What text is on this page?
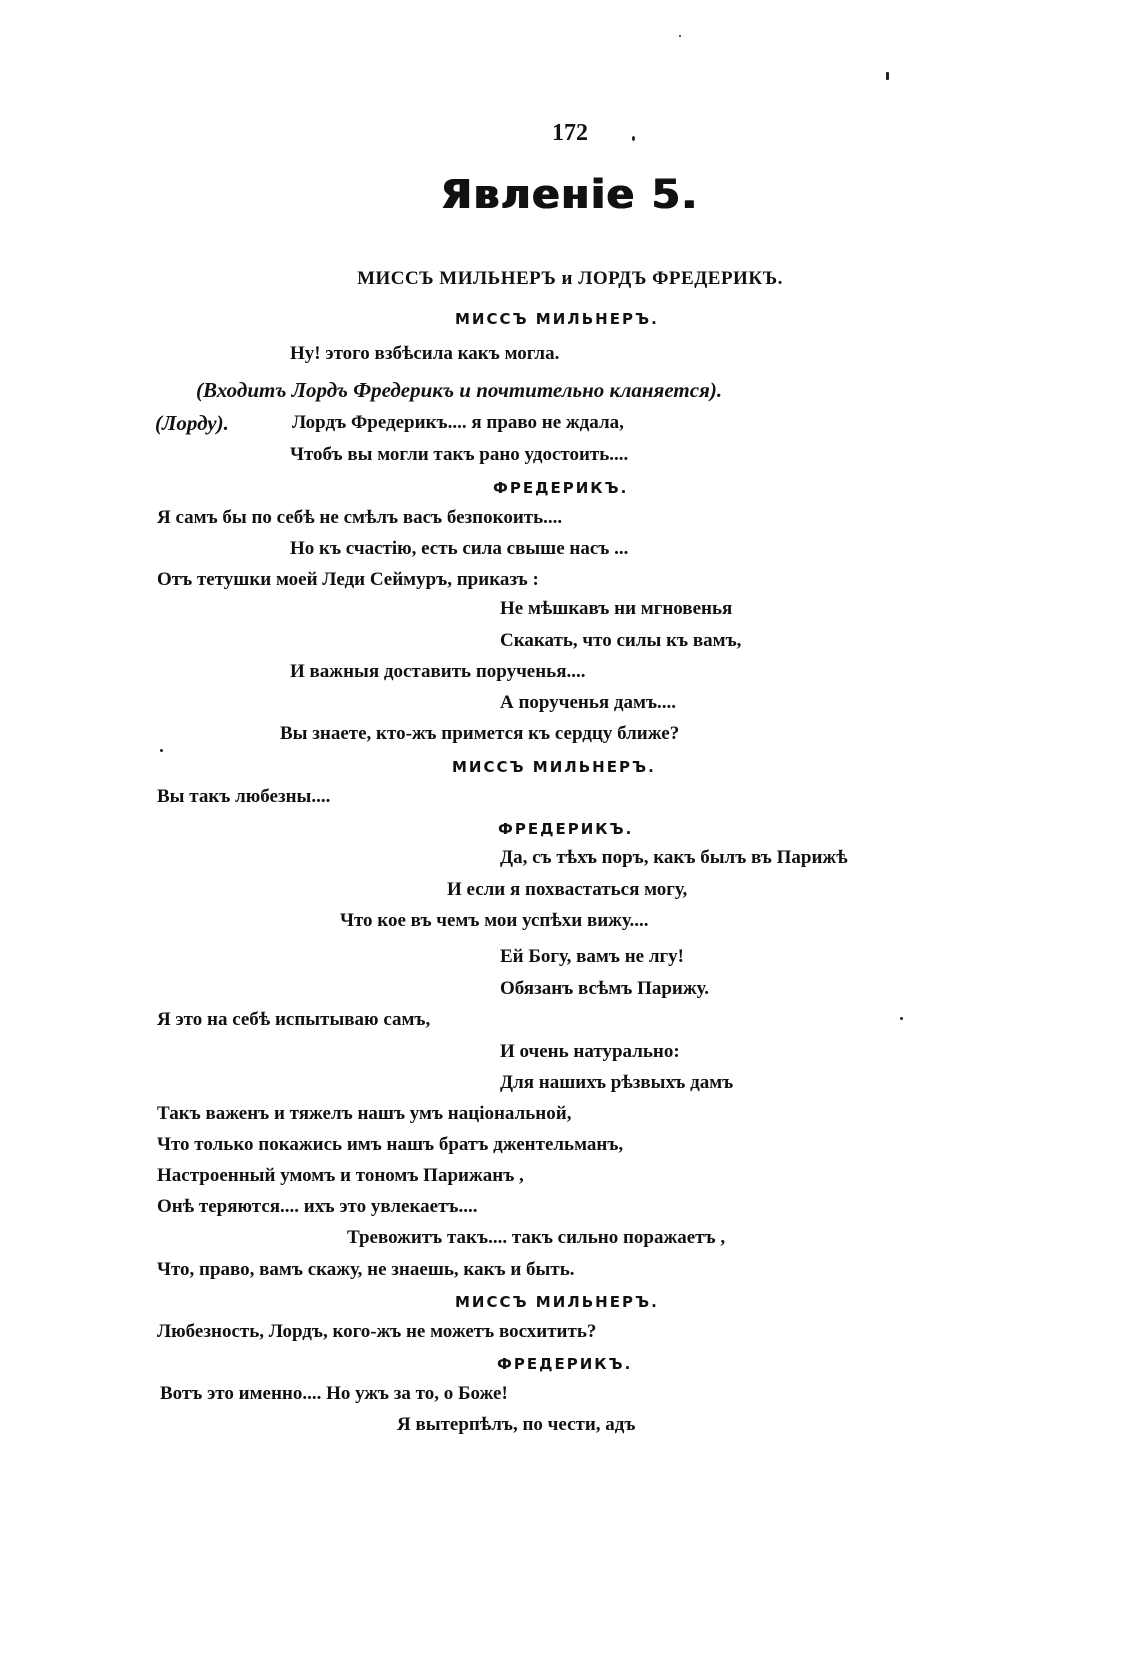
172
Явленіе 5.
МИССЪ МИЛЬНЕРЪ и ЛОРДЪ ФРЕДЕРИКЪ.
МИССЪ МИЛЬНЕРЪ.
Ну! этого взбѣсила какъ могла.
(Входитъ Лордъ Фредерикъ и почтительно кланяется).
(Лорду).	Лордъ Фредерикъ.... я право не ждала,
Чтобъ вы могли такъ рано удостоить....
ФРЕДЕРИКЪ.
Я самъ бы по себѣ не смѣлъ васъ безпокоить....
Но къ счастію, есть сила свыше насъ ...
Отъ тетушки моей Леди Сеймуръ, приказъ :
Не мѣшкавъ ни мгновенья
Скакать, что силы къ вамъ,
И важныя доставить порученья....
А порученья дамъ....
Вы знаете, кто-жъ примется къ сердцу ближе?
МИССЪ МИЛЬНЕРЪ.
Вы такъ любезны....
ФРЕДЕРИКЪ.
Да, съ тѣхъ поръ, какъ былъ въ Парижѣ
И если я похвастаться могу,
Что кое въ чемъ мои успѣхи вижу....
Ей Богу, вамъ не лгу!
Обязанъ всѣмъ Парижу.
Я это на себѣ испытываю самъ,
И очень натурально:
Для нашихъ рѣзвыхъ дамъ
Такъ важенъ и тяжелъ нашъ умъ національной,
Что только покажись имъ нашъ братъ джентельманъ,
Настроенный умомъ и тономъ Парижанъ ,
Онѣ теряются.... ихъ это увлекаетъ....
Тревожитъ такъ.... такъ сильно поражаетъ ,
Что, право, вамъ скажу, не знаешь, какъ и быть.
МИССЪ МИЛЬНЕРЪ.
Любезность, Лордъ, кого-жъ не можетъ восхитить?
ФРЕДЕРИКЪ.
Вотъ это именно.... Но ужъ за то, о Боже!
Я вытерпѣлъ, по чести, адъ
